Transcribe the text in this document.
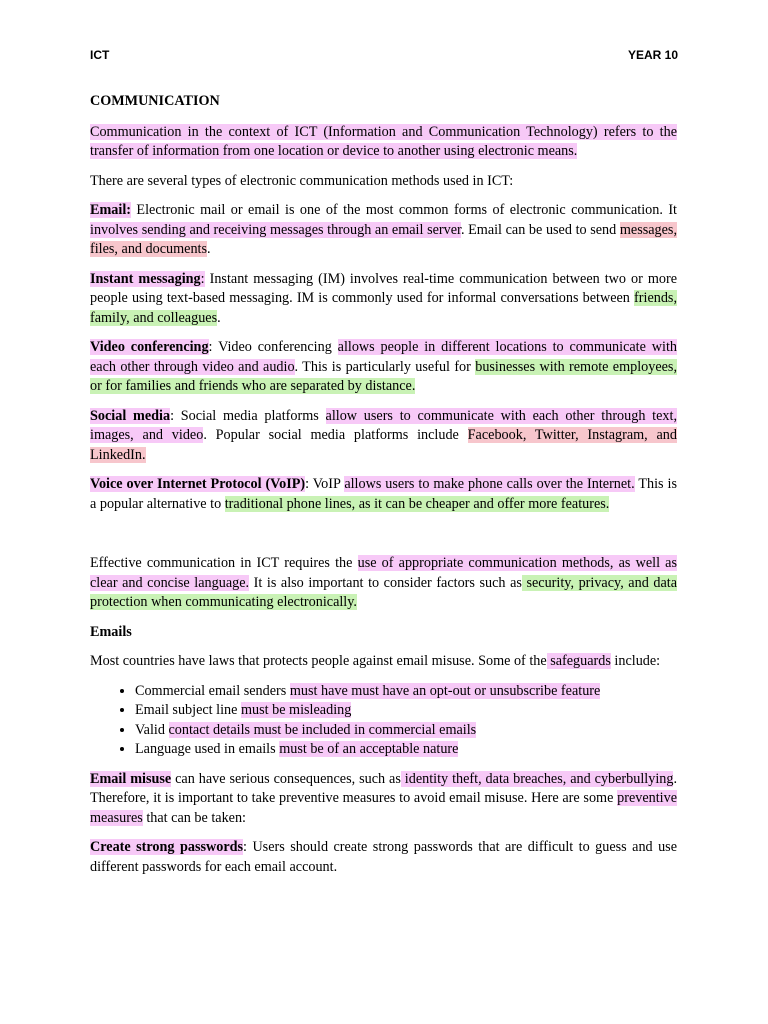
ICT	YEAR 10

COMMUNICATION

Communication in the context of ICT (Information and Communication Technology) refers to the transfer of information from one location or device to another using electronic means.

There are several types of electronic communication methods used in ICT:

Email: Electronic mail or email is one of the most common forms of electronic communication. It involves sending and receiving messages through an email server. Email can be used to send messages, files, and documents.

Instant messaging: Instant messaging (IM) involves real-time communication between two or more people using text-based messaging. IM is commonly used for informal conversations between friends, family, and colleagues.

Video conferencing: Video conferencing allows people in different locations to communicate with each other through video and audio. This is particularly useful for businesses with remote employees, or for families and friends who are separated by distance.

Social media: Social media platforms allow users to communicate with each other through text, images, and video. Popular social media platforms include Facebook, Twitter, Instagram, and LinkedIn.

Voice over Internet Protocol (VoIP): VoIP allows users to make phone calls over the Internet. This is a popular alternative to traditional phone lines, as it can be cheaper and offer more features.

Effective communication in ICT requires the use of appropriate communication methods, as well as clear and concise language. It is also important to consider factors such as security, privacy, and data protection when communicating electronically.

Emails

Most countries have laws that protects people against email misuse. Some of the safeguards include:

• Commercial email senders must have must have an opt-out or unsubscribe feature
• Email subject line must be misleading
• Valid contact details must be included in commercial emails
• Language used in emails must be of an acceptable nature

Email misuse can have serious consequences, such as identity theft, data breaches, and cyberbullying. Therefore, it is important to take preventive measures to avoid email misuse. Here are some preventive measures that can be taken:

Create strong passwords: Users should create strong passwords that are difficult to guess and use different passwords for each email account.
